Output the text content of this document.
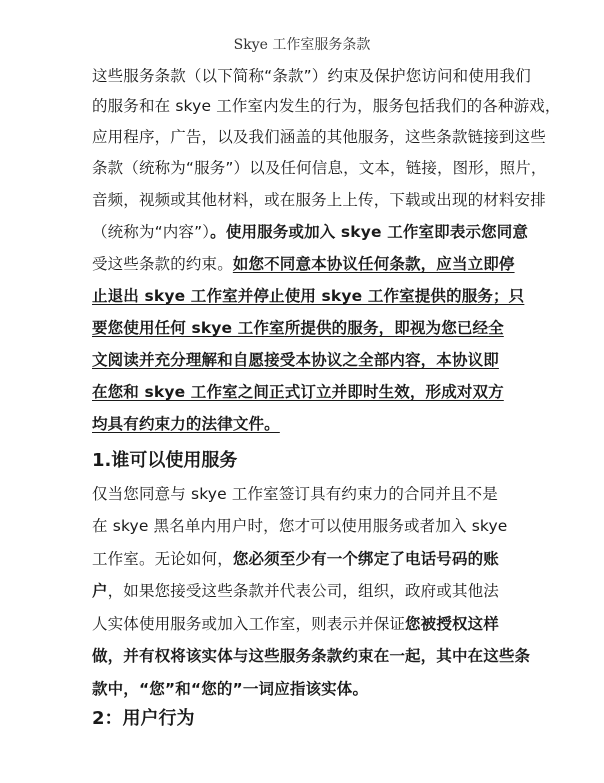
Skye 工作室服务条款
这些服务条款（以下简称“条款”）约束及保护您访问和使用我们
的服务和在 skye 工作室内发生的行为，服务包括我们的各种游戏，
应用程序，广告，以及我们涵盖的其他服务，这些条款链接到这些
条款（统称为“服务”）以及任何信息，文本，链接，图形，照片，
音频，视频或其他材料，或在服务上上传，下载或出现的材料安排
（统称为“内容”）。使用服务或加入 skye 工作室即表示您同意
受这些条款的约束。如您不同意本协议任何条款，应当立即停
止退出 skye 工作室并停止使用 skye 工作室提供的服务；只
要您使用任何 skye 工作室所提供的服务，即视为您已经全
文阅读并充分理解和自愿接受本协议之全部内容，本协议即
在您和 skye 工作室之间正式订立并即时生效，形成对双方
均具有约束力的法律文件。
1.谁可以使用服务
仅当您同意与 skye 工作室签订具有约束力的合同并且不是
在 skye 黑名单内用户时，您才可以使用服务或者加入 skye
工作室。无论如何，您必须至少有一个绑定了电话号码的账
户，如果您接受这些条款并代表公司，组织，政府或其他法
人实体使用服务或加入工作室，则表示并保证您被授权这样
做，并有权将该实体与这些服务条款约束在一起，其中在这些条
款中，“您”和“您的”一词应指该实体。
2：用户行为
